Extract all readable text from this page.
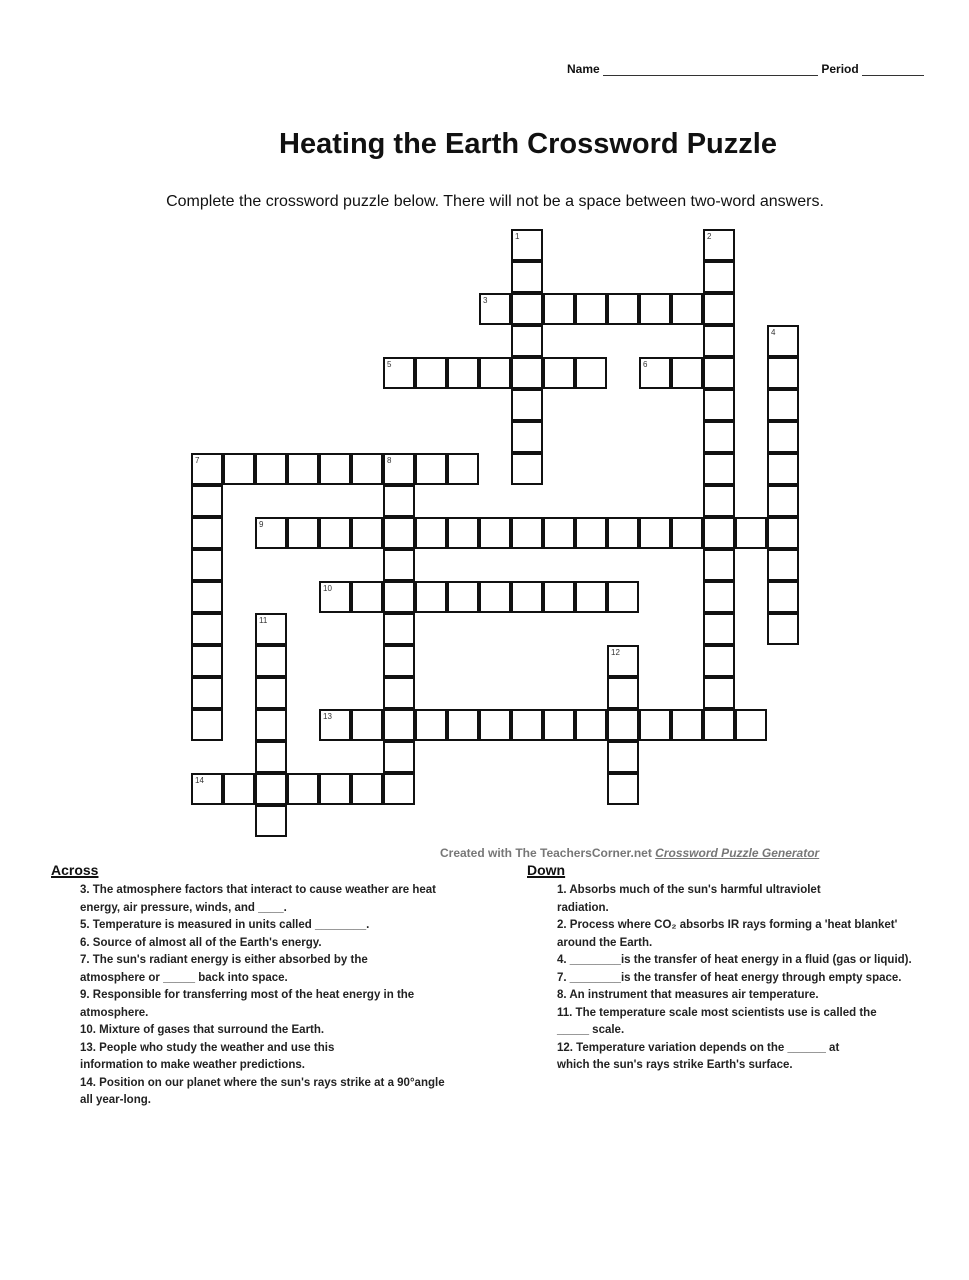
Name	Period
Heating the Earth Crossword Puzzle
Complete the crossword puzzle below. There will not be a space between two-word answers.
1	2
3
4
5	6
7	8
9
10
11
12
13
14
Created with The TeachersCorner.net Crossword Puzzle Generator
Across	Down
3. The atmosphere factors that interact to cause weather are heat energy, air pressure, winds, and ____.
5. Temperature is measured in units called ________.
6. Source of almost all of the Earth's energy.
7. The sun's radiant energy is either absorbed by the atmosphere or _____ back into space.
9. Responsible for transferring most of the heat energy in the atmosphere.
10. Mixture of gases that surround the Earth.
13. People who study the weather and use this information to make weather predictions.
14. Position on our planet where the sun's rays strike at a 90°angle all year-long.
1. Absorbs much of the sun's harmful ultraviolet radiation.
2. Process where CO₂ absorbs IR rays forming a 'heat blanket' around the Earth.
4. ________is the transfer of heat energy in a fluid (gas or liquid).
7. ________is the transfer of heat energy through empty space.
8. An instrument that measures air temperature.
11. The temperature scale most scientists use is called the _____ scale.
12. Temperature variation depends on the ______ at which the sun's rays strike Earth's surface.
